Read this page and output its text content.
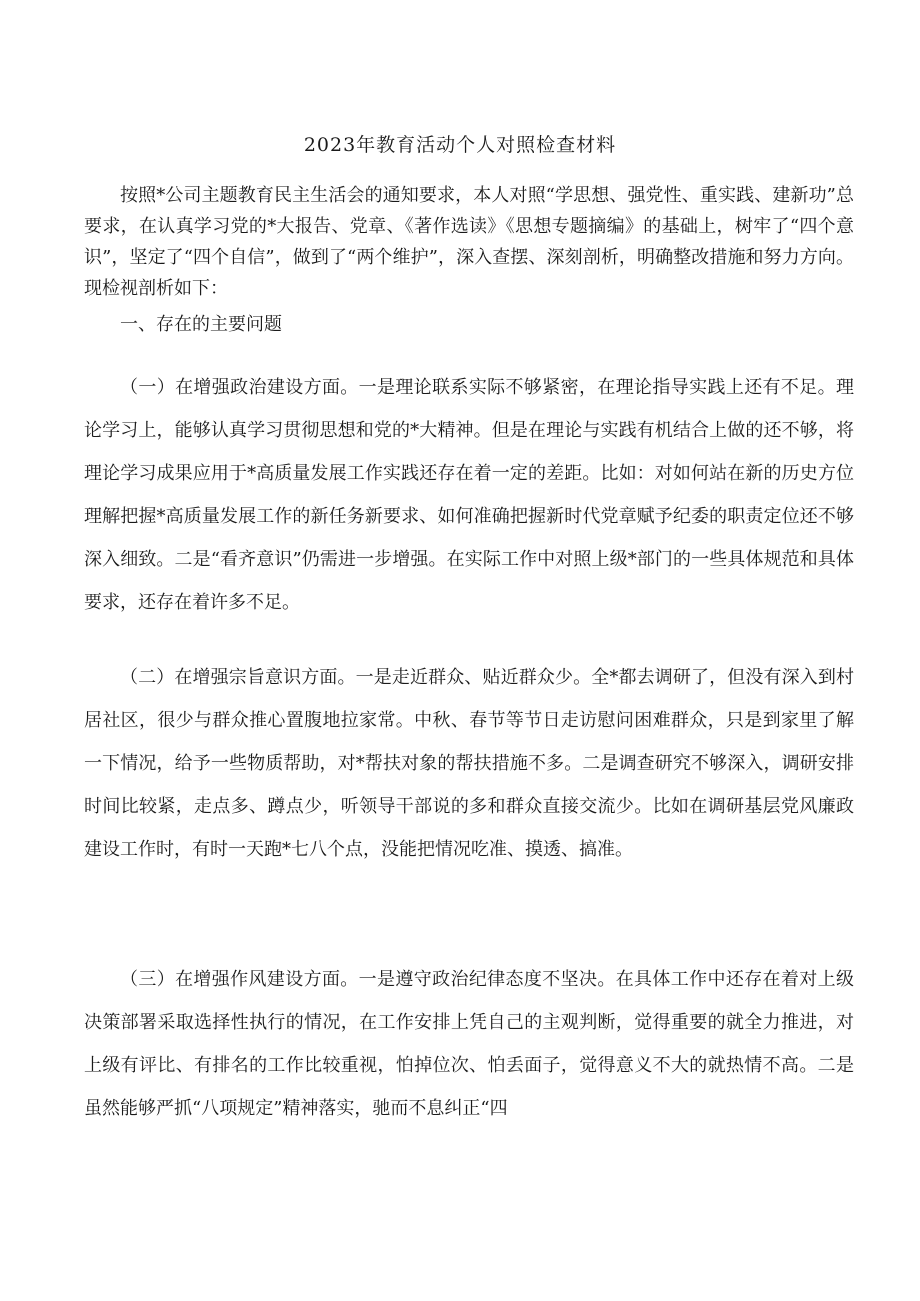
2023年教育活动个人对照检查材料

按照*公司主题教育民主生活会的通知要求，本人对照“学思想、强党性、重实践、建新功”总要求，在认真学习党的*大报告、党章、《著作选读》《思想专题摘编》的基础上，树牢了“四个意识”，坚定了“四个自信”，做到了“两个维护”，深入查摆、深刻剖析，明确整改措施和努力方向。现检视剖析如下：

一、存在的主要问题

（一）在增强政治建设方面。一是理论联系实际不够紧密，在理论指导实践上还有不足。理论学习上，能够认真学习贯彻思想和党的*大精神。但是在理论与实践有机结合上做的还不够，将理论学习成果应用于*高质量发展工作实践还存在着一定的差距。比如：对如何站在新的历史方位理解把握*高质量发展工作的新任务新要求、如何准确把握新时代党章赋予纪委的职责定位还不够深入细致。二是“看齐意识”仍需进一步增强。在实际工作中对照上级*部门的一些具体规范和具体要求，还存在着许多不足。

（二）在增强宗旨意识方面。一是走近群众、贴近群众少。全*都去调研了，但没有深入到村居社区，很少与群众推心置腹地拉家常。中秋、春节等节日走访慰问困难群众，只是到家里了解一下情况，给予一些物质帮助，对*帮扶对象的帮扶措施不多。二是调查研究不够深入，调研安排时间比较紧，走点多、蹲点少，听领导干部说的多和群众直接交流少。比如在调研基层党风廉政建设工作时，有时一天跑*七八个点，没能把情况吃准、摸透、搞准。

（三）在增强作风建设方面。一是遵守政治纪律态度不坚决。在具体工作中还存在着对上级决策部署采取选择性执行的情况，在工作安排上凭自己的主观判断，觉得重要的就全力推进，对上级有评比、有排名的工作比较重视，怕掉位次、怕丢面子，觉得意义不大的就热情不高。二是虽然能够严抓“八项规定”精神落实，驰而不息纠正“四
